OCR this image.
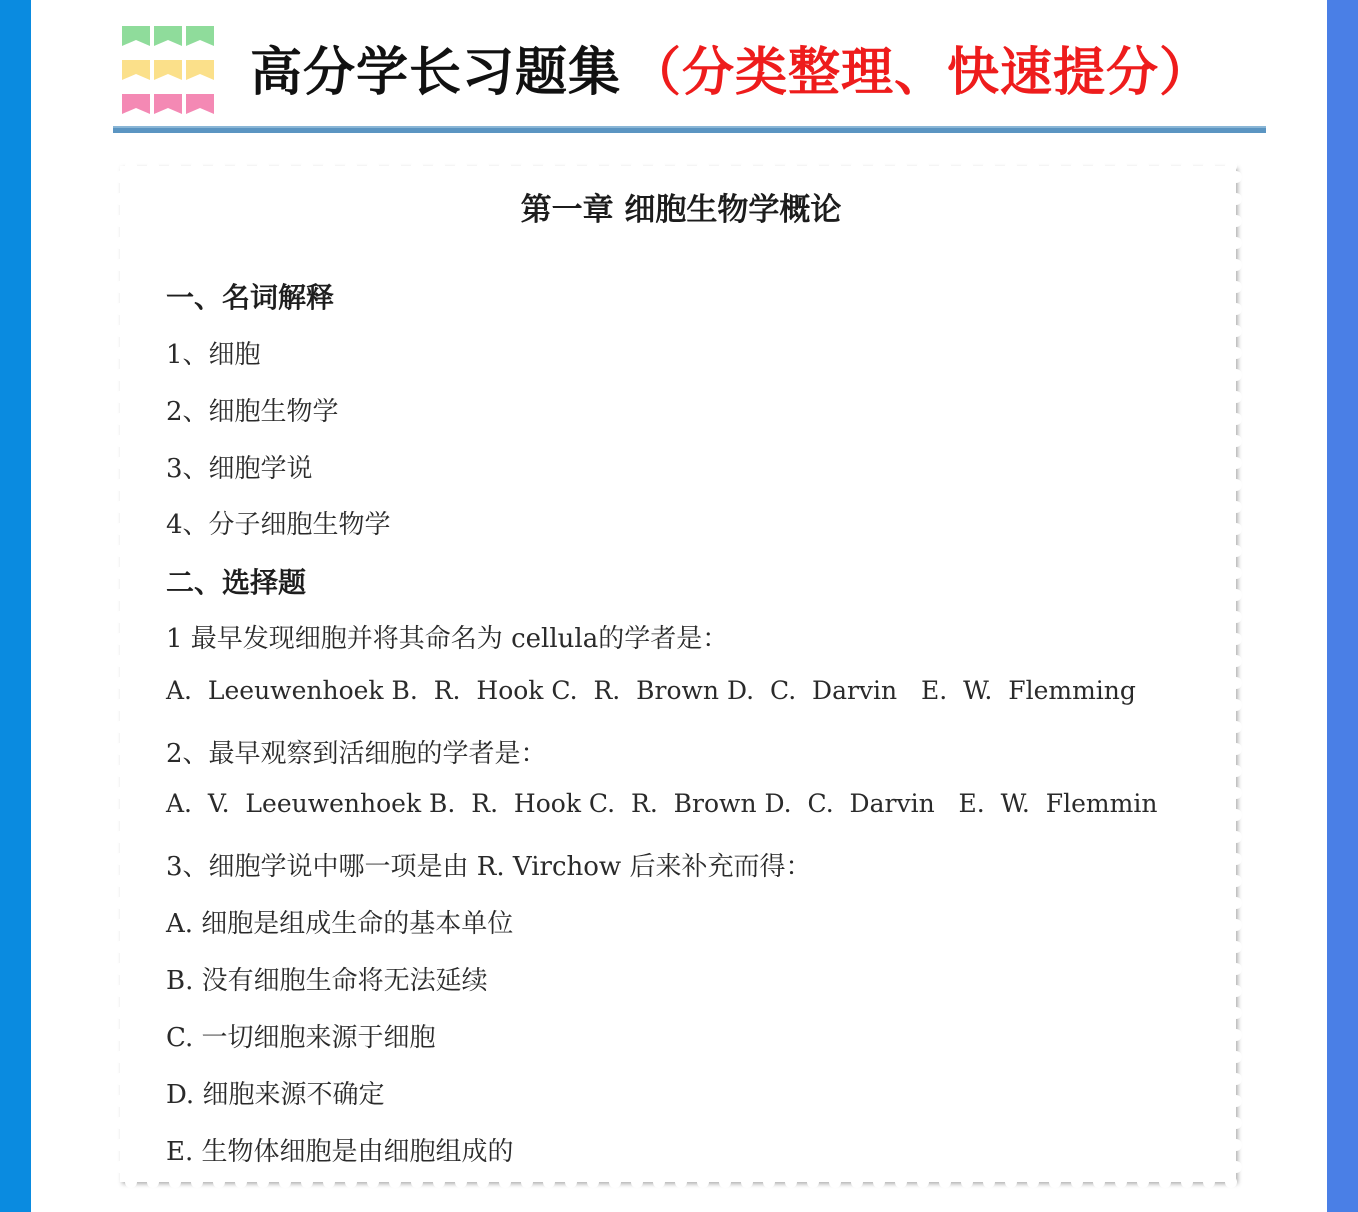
高分学长习题集 （分类整理、快速提分）
第一章 细胞生物学概论
一、名词解释
1、细胞
2、细胞生物学
3、细胞学说
4、分子细胞生物学
二、选择题
1 最早发现细胞并将其命名为 cellula的学者是：
A.  Leeuwenhoek B.  R.  Hook C.  R.  Brown D.  C.  Darvin   E.  W.  Flemming
2、最早观察到活细胞的学者是：
A.  V.  Leeuwenhoek B.  R.  Hook C.  R.  Brown D.  C.  Darvin   E.  W.  Flemmin
3、细胞学说中哪一项是由 R. Virchow 后来补充而得：
A. 细胞是组成生命的基本单位
B. 没有细胞生命将无法延续
C. 一切细胞来源于细胞
D. 细胞来源不确定
E. 生物体细胞是由细胞组成的
